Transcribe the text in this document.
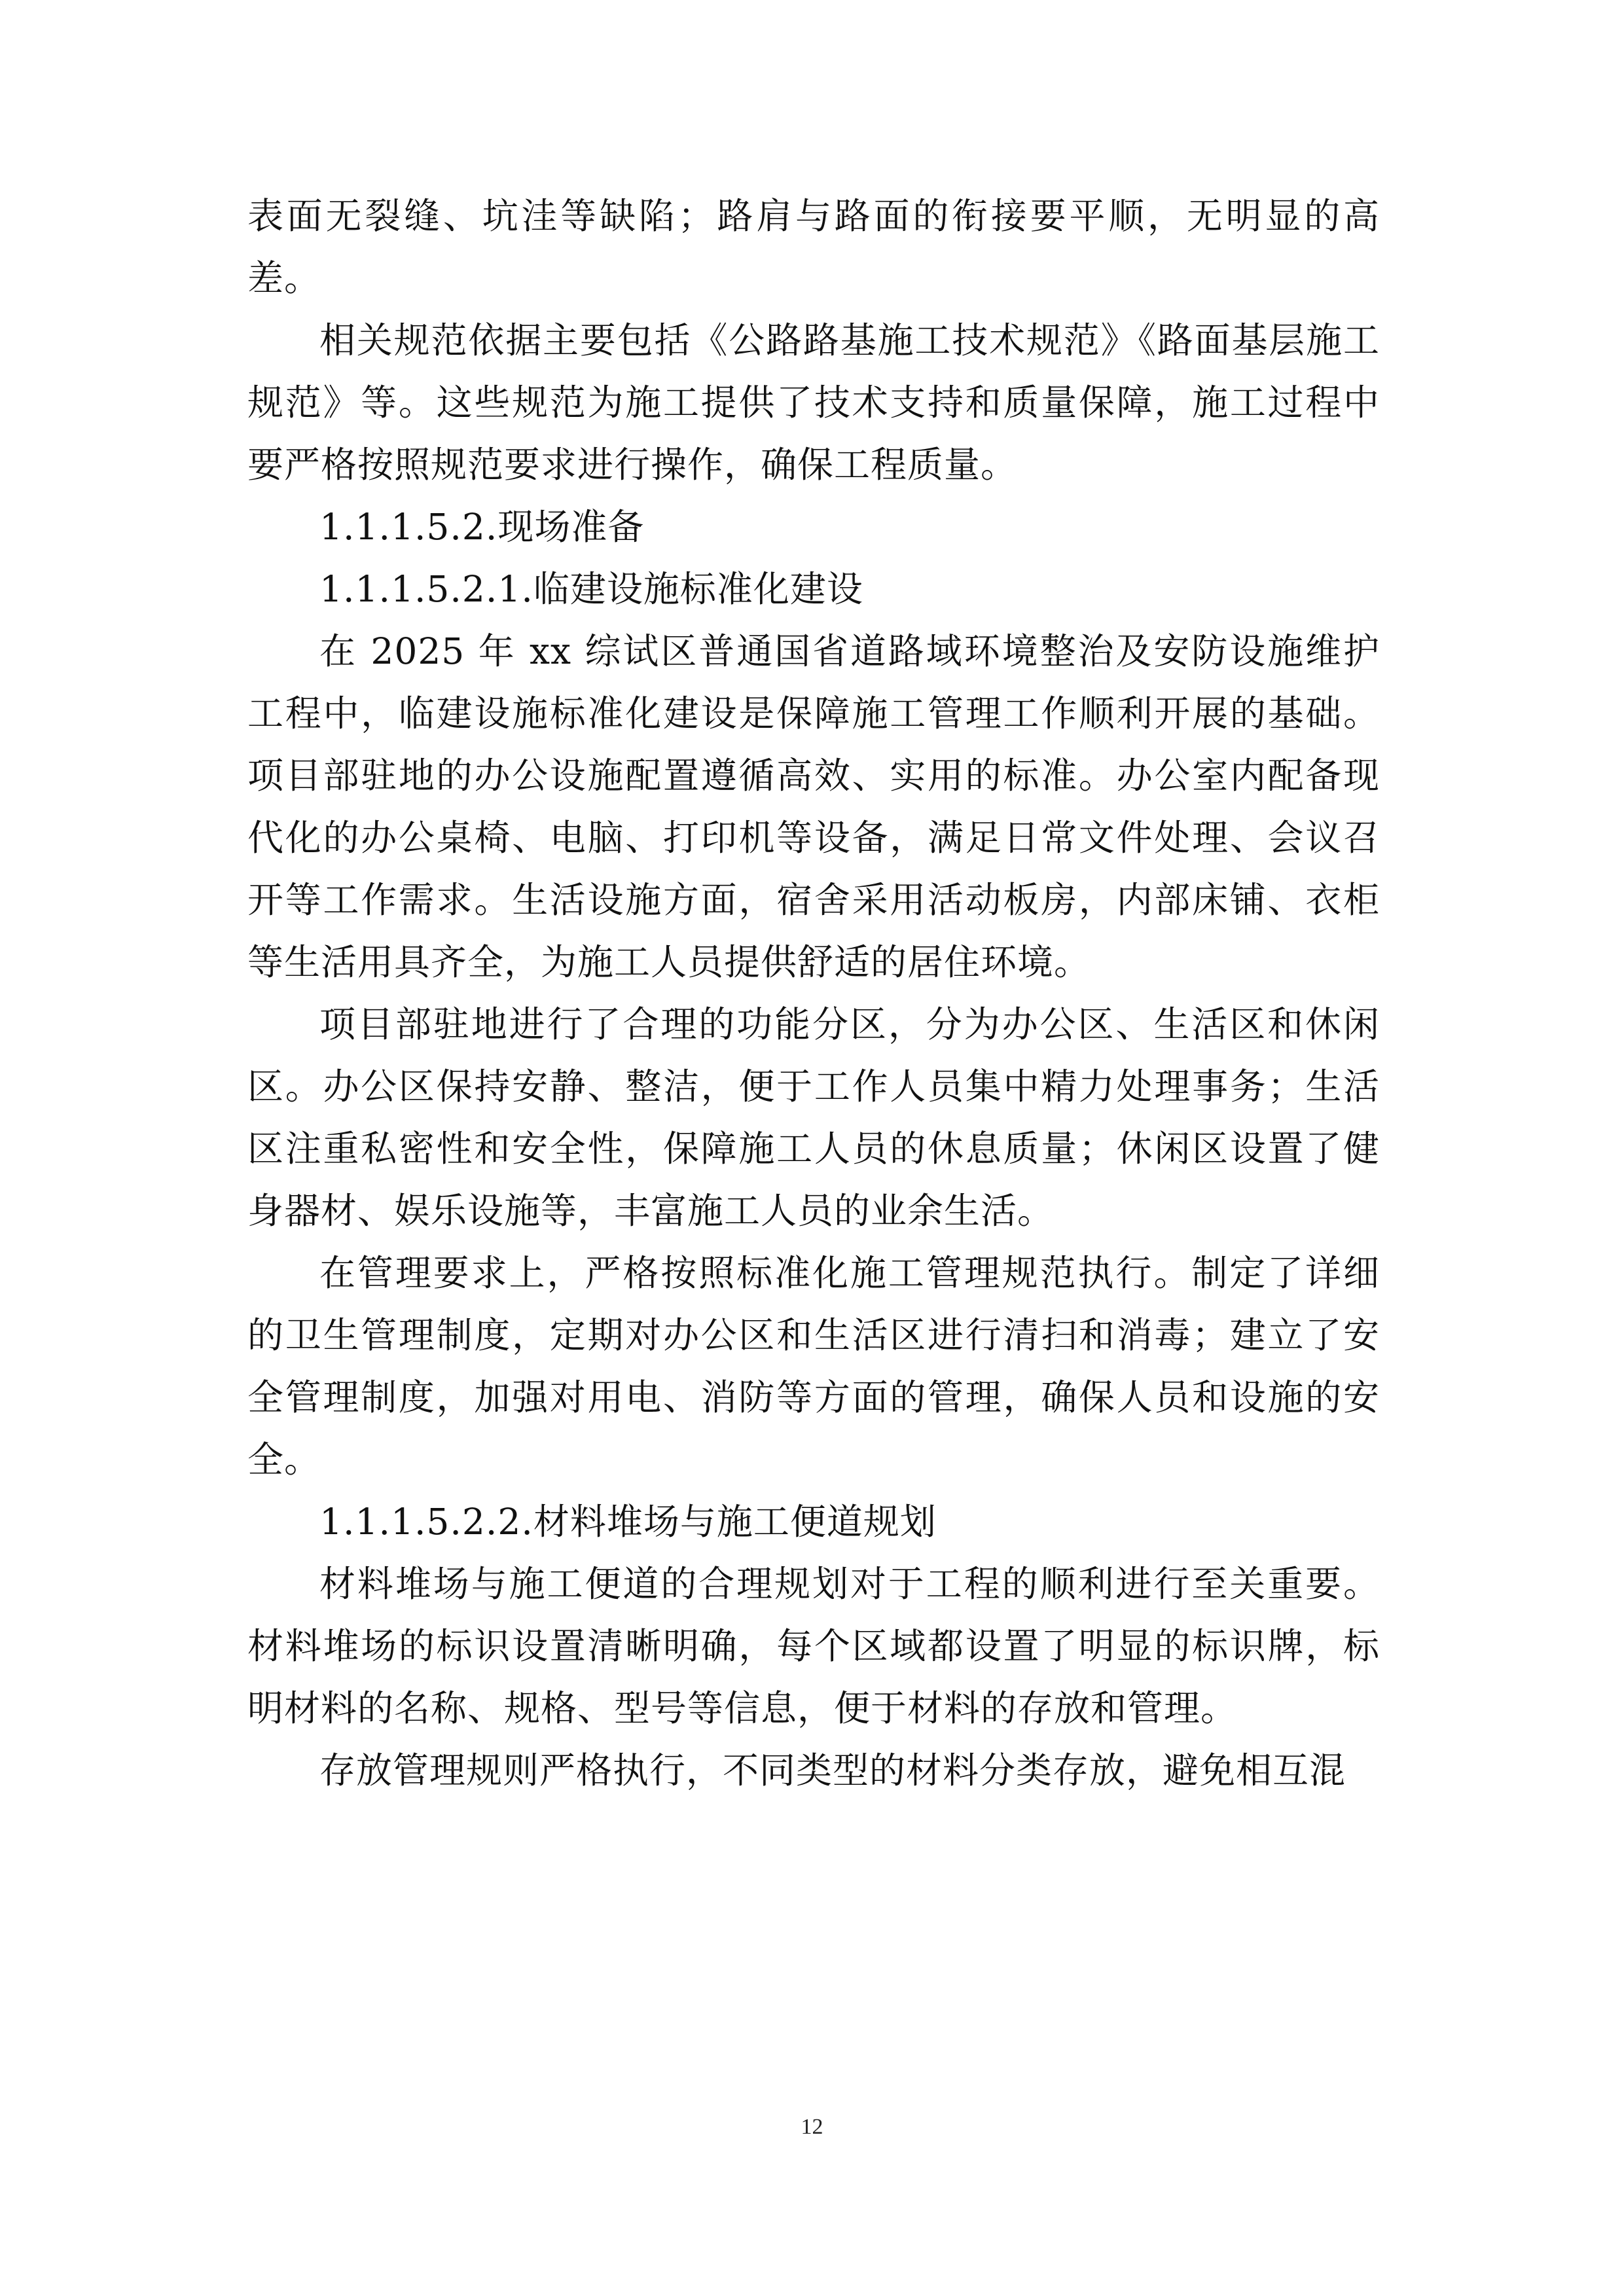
表面无裂缝、坑洼等缺陷；路肩与路面的衔接要平顺，无明显的高差。

相关规范依据主要包括《公路路基施工技术规范》《路面基层施工规范》等。这些规范为施工提供了技术支持和质量保障，施工过程中要严格按照规范要求进行操作，确保工程质量。

1.1.1.5.2.现场准备

1.1.1.5.2.1.临建设施标准化建设

在 2025 年 xx 综试区普通国省道路域环境整治及安防设施维护工程中，临建设施标准化建设是保障施工管理工作顺利开展的基础。项目部驻地的办公设施配置遵循高效、实用的标准。办公室内配备现代化的办公桌椅、电脑、打印机等设备，满足日常文件处理、会议召开等工作需求。生活设施方面，宿舍采用活动板房，内部床铺、衣柜等生活用具齐全，为施工人员提供舒适的居住环境。

项目部驻地进行了合理的功能分区，分为办公区、生活区和休闲区。办公区保持安静、整洁，便于工作人员集中精力处理事务；生活区注重私密性和安全性，保障施工人员的休息质量；休闲区设置了健身器材、娱乐设施等，丰富施工人员的业余生活。

在管理要求上，严格按照标准化施工管理规范执行。制定了详细的卫生管理制度，定期对办公区和生活区进行清扫和消毒；建立了安全管理制度，加强对用电、消防等方面的管理，确保人员和设施的安全。

1.1.1.5.2.2.材料堆场与施工便道规划

材料堆场与施工便道的合理规划对于工程的顺利进行至关重要。材料堆场的标识设置清晰明确，每个区域都设置了明显的标识牌，标明材料的名称、规格、型号等信息，便于材料的存放和管理。

存放管理规则严格执行，不同类型的材料分类存放，避免相互混

12
